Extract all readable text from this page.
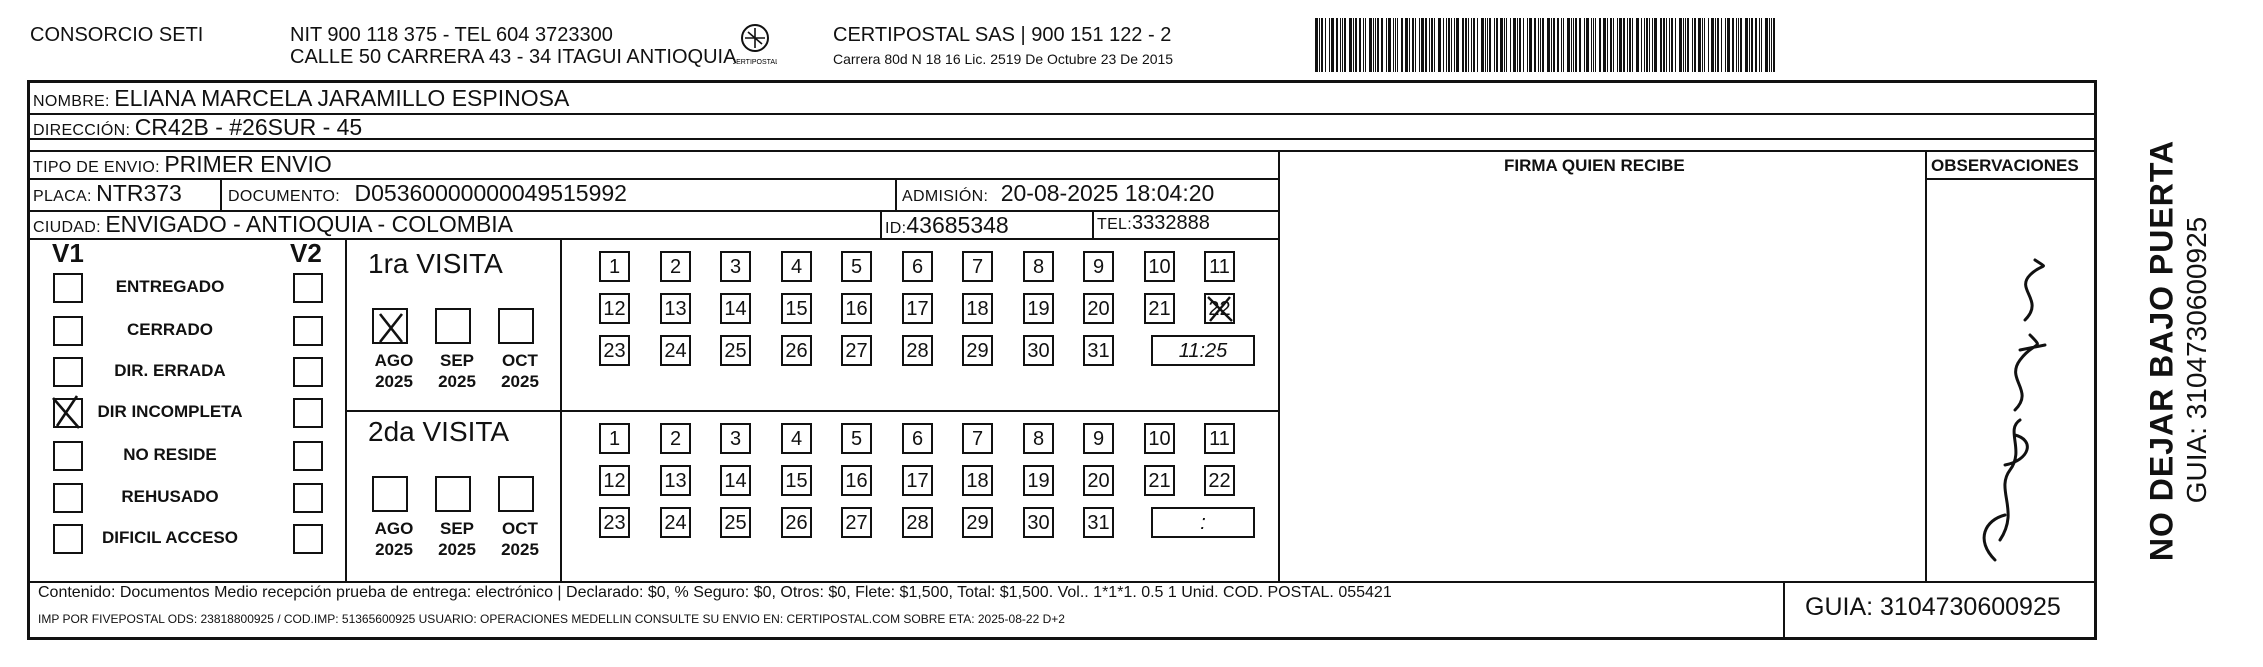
CONSORCIO SETI	NIT 900 118 375 - TEL 604 3723300
CALLE 50 CARRERA 43 - 34 ITAGUI ANTIOQUIA
CERTIPOSTAL
CERTIPOSTAL SAS | 900 151 122 - 2
Carrera 80d N 18 16 Lic. 2519 De Octubre 23 De 2015
NOMBRE: ELIANA MARCELA JARAMILLO ESPINOSA
DIRECCIÓN: CR42B - #26SUR - 45
TIPO DE ENVIO: PRIMER ENVIO	FIRMA QUIEN RECIBE	OBSERVACIONES
PLACA: NTR373	DOCUMENTO: D05360000000049515992	ADMISIÓN: 20-08-2025 18:04:20
CIUDAD: ENVIGADO - ANTIOQUIA - COLOMBIA	ID:43685348	TEL:3332888
V1	V2
ENTREGADO
CERRADO
DIR. ERRADA
DIR INCOMPLETA
NO RESIDE
REHUSADO
DIFICIL ACCESO
1ra VISITA
AGO
2025
SEP
2025
OCT
2025
1	2	3	4	5	6	7	8	9	10 11
12 13 14 15 16 17 18 19 20 21 22
23 24 25 26 27 28 29 30 31	11:25
2da VISITA
AGO
2025
SEP
2025
OCT
2025
1	2	3	4	5	6	7	8	9	10 11
12 13 14 15 16 17 18 19 20 21 22
23 24 25 26 27 28 29 30 31	:
Contenido: Documentos Medio recepción prueba de entrega: electrónico | Declarado: $0, % Seguro: $0, Otros: $0, Flete: $1,500, Total: $1,500. Vol.. 1*1*1. 0.5 1 Unid. COD. POSTAL. 055421
IMP POR FIVEPOSTAL ODS: 23818800925 / COD.IMP: 51365600925 USUARIO: OPERACIONES MEDELLIN CONSULTE SU ENVIO EN: CERTIPOSTAL.COM SOBRE ETA: 2025-08-22 D+2	GUIA: 3104730600925
NO DEJAR BAJO PUERTA GUIA: 3104730600925
